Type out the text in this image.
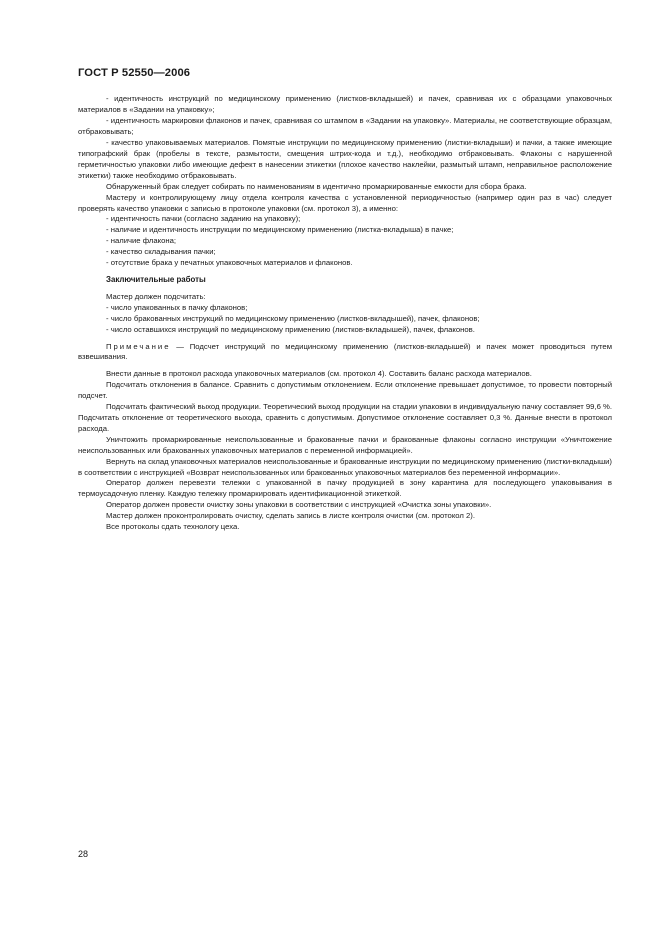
ГОСТ Р 52550—2006

- идентичность инструкций по медицинскому применению (листков-вкладышей) и пачек, сравнивая их с образцами упаковочных материалов в «Задании на упаковку»;

- идентичность маркировки флаконов и пачек, сравнивая со штампом в «Задании на упаковку». Материалы, не соответствующие образцам, отбраковывать;

- качество упаковываемых материалов. Помятые инструкции по медицинскому применению (листки-вкладыши) и пачки, а также имеющие типографский брак (пробелы в тексте, размытости, смещения штрих-кода и т.д.), необходимо отбраковывать. Флаконы с нарушенной герметичностью упаковки либо имеющие дефект в нанесении этикетки (плохое качество наклейки, размытый штамп, неправильное расположение этикетки) также необходимо отбраковывать.

Обнаруженный брак следует собирать по наименованиям в идентично промаркированные емкости для сбора брака.

Мастеру и контролирующему лицу отдела контроля качества с установленной периодичностью (например один раз в час) следует проверять качество упаковки с записью в протоколе упаковки (см. протокол 3), а именно:

- идентичность пачки (согласно заданию на упаковку);

- наличие и идентичность инструкции по медицинскому применению (листка-вкладыша) в пачке;

- наличие флакона;

- качество складывания пачки;

- отсутствие брака у печатных упаковочных материалов и флаконов.

Заключительные работы

Мастер должен подсчитать:

- число упакованных в пачку флаконов;

- число бракованных инструкций по медицинскому применению (листков-вкладышей), пачек, флаконов;

- число оставшихся инструкций по медицинскому применению (листков-вкладышей), пачек, флаконов.

Примечание — Подсчет инструкций по медицинскому применению (листков-вкладышей) и пачек может проводиться путем взвешивания.

Внести данные в протокол расхода упаковочных материалов (см. протокол 4). Составить баланс расхода материалов.

Подсчитать отклонения в балансе. Сравнить с допустимым отклонением. Если отклонение превышает допустимое, то провести повторный подсчет.

Подсчитать фактический выход продукции. Теоретический выход продукции на стадии упаковки в индивидуальную пачку составляет 99,6 %. Подсчитать отклонение от теоретического выхода, сравнить с допустимым. Допустимое отклонение составляет 0,3 %. Данные внести в протокол расхода.

Уничтожить промаркированные неиспользованные и бракованные пачки и бракованные флаконы согласно инструкции «Уничтожение неиспользованных или бракованных упаковочных материалов с переменной информацией».

Вернуть на склад упаковочных материалов неиспользованные и бракованные инструкции по медицинскому применению (листки-вкладыши) в соответствии с инструкцией «Возврат неиспользованных или бракованных упаковочных материалов без переменной информации».

Оператор должен перевезти тележки с упакованной в пачку продукцией в зону карантина для последующего упаковывания в термоусадочную пленку. Каждую тележку промаркировать идентификационной этикеткой.

Оператор должен провести очистку зоны упаковки в соответствии с инструкцией «Очистка зоны упаковки».

Мастер должен проконтролировать очистку, сделать запись в листе контроля очистки (см. протокол 2).

Все протоколы сдать технологу цеха.

28
